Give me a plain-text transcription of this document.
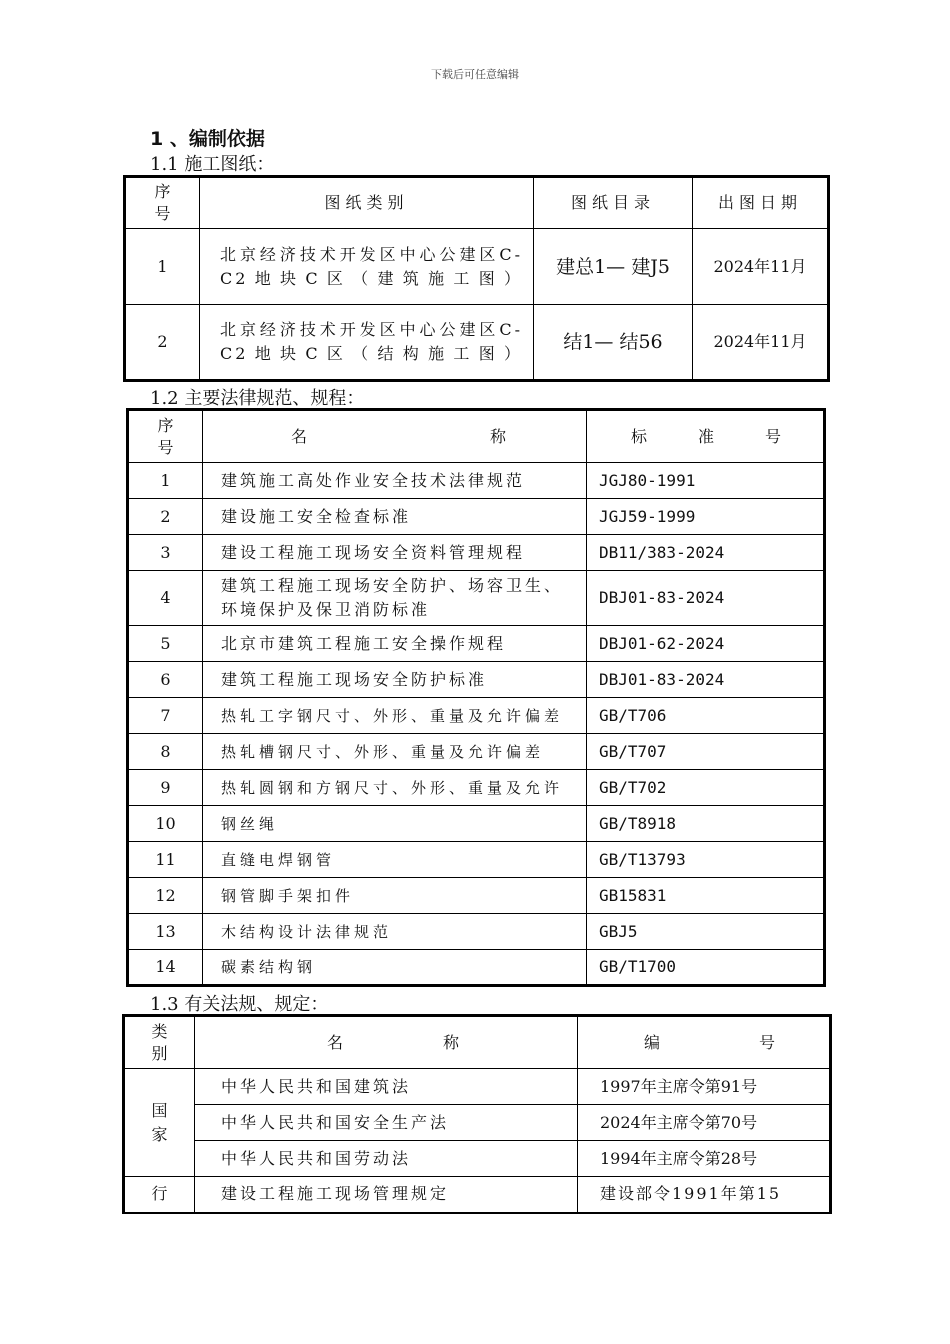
下载后可任意编辑
1 、编制依据
1.1 施工图纸：
序号	图纸类别	图纸目录	出图日期
1	北京经济技术开发区中心公建区C-C2地块C区（建筑施工图）	建总1— 建J5	2024年11月
2	北京经济技术开发区中心公建区C-C2地块C区（结构施工图）	结1— 结56	2024年11月
1.2 主要法律规范、规程：
序号	名 称	标 准 号

1	建筑施工高处作业安全技术法律规范	JGJ80-1991
2	建设施工安全检查标准	JGJ59-1999
3	建设工程施工现场安全资料管理规程	DB11/383-2024
4	建筑工程施工现场安全防护、场容卫生、环境保护及保卫消防标准	DBJ01-83-2024
5	北京市建筑工程施工安全操作规程	DBJ01-62-2024
6	建筑工程施工现场安全防护标准	DBJ01-83-2024
7	热轧工字钢尺寸、外形、重量及允许偏差	GB/T706
8	热轧槽钢尺寸、外形、重量及允许偏差	GB/T707
9	热轧圆钢和方钢尺寸、外形、重量及允许	GB/T702
10	钢丝绳	GB/T8918
11	直缝电焊钢管	GB/T13793
12	钢管脚手架扣件	GB15831
13	木结构设计法律规范	GBJ5
14	碳素结构钢	GB/T1700
1.3 有关法规、规定：
类别	名 称	编 号

国家	中华人民共和国建筑法	1997年主席令第91号
	中华人民共和国安全生产法	2024年主席令第70号
	中华人民共和国劳动法	1994年主席令第28号
行	建设工程施工现场管理规定	建设部令1991年第15
